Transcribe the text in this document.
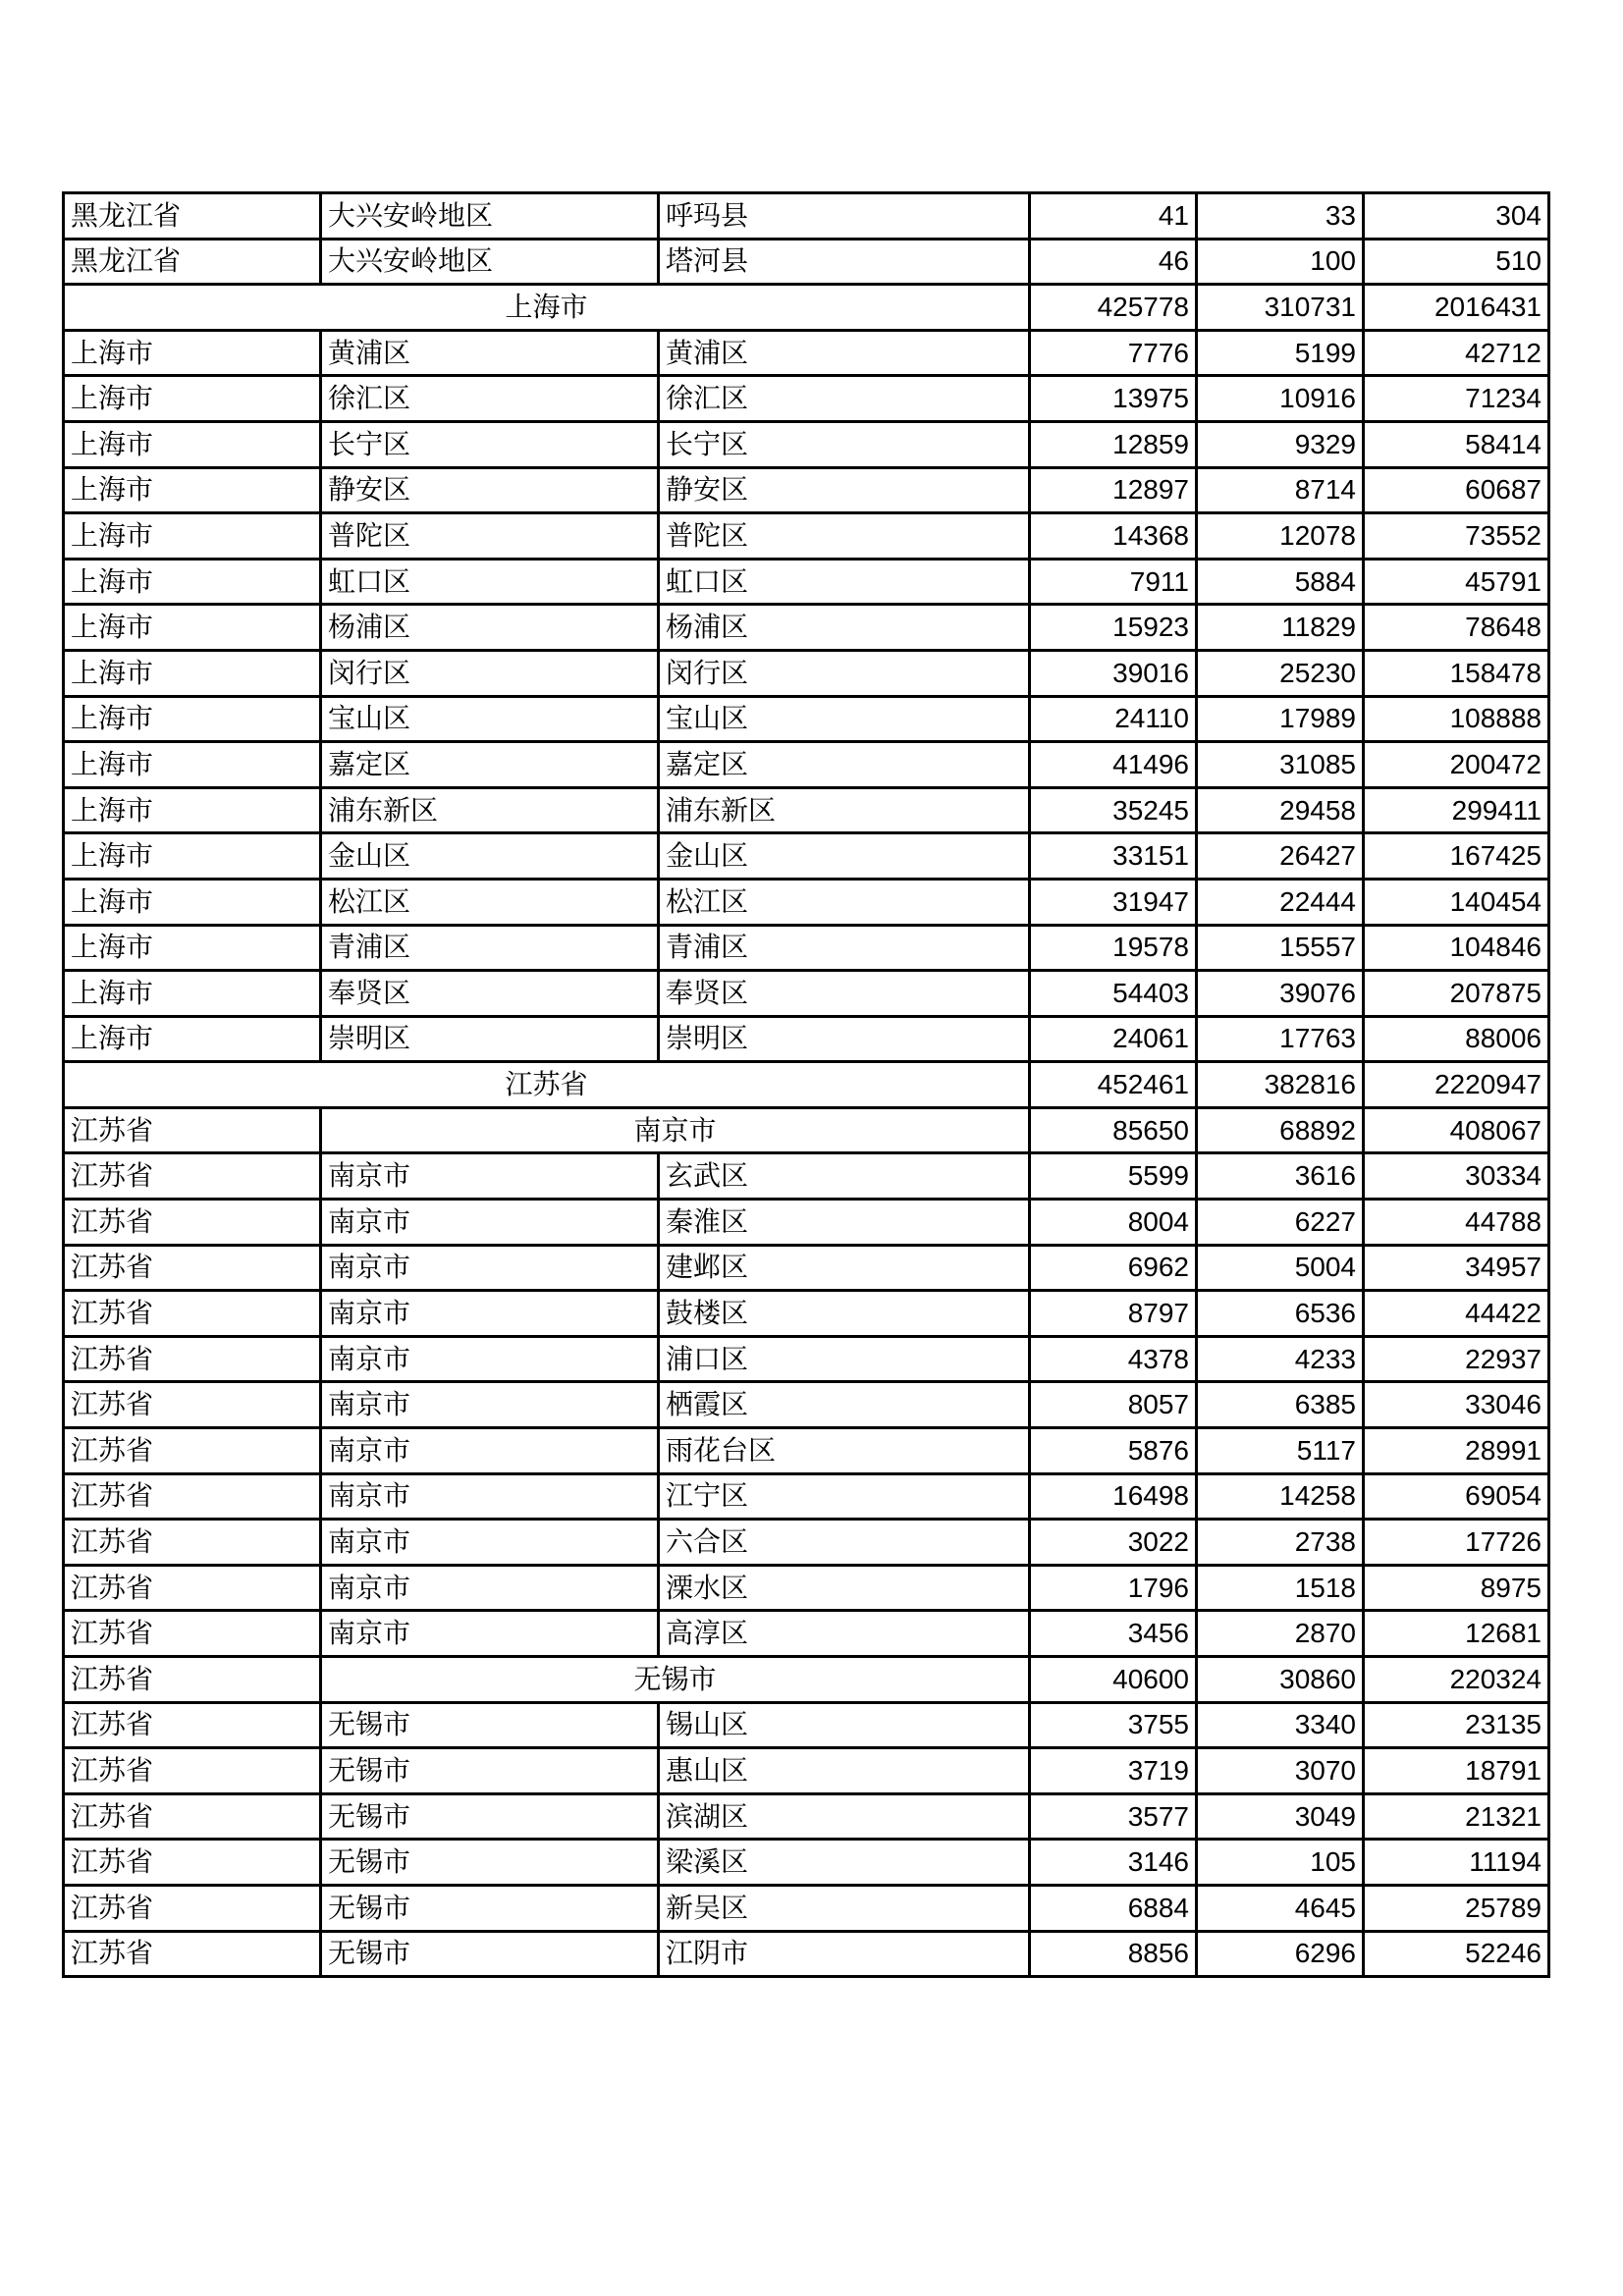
黑龙江省	大兴安岭地区	呼玛县	41	33	304
黑龙江省	大兴安岭地区	塔河县	46	100	510
上海市			425778	310731	2016431
上海市	黄浦区	黄浦区	7776	5199	42712
上海市	徐汇区	徐汇区	13975	10916	71234
上海市	长宁区	长宁区	12859	9329	58414
上海市	静安区	静安区	12897	8714	60687
上海市	普陀区	普陀区	14368	12078	73552
上海市	虹口区	虹口区	7911	5884	45791
上海市	杨浦区	杨浦区	15923	11829	78648
上海市	闵行区	闵行区	39016	25230	158478
上海市	宝山区	宝山区	24110	17989	108888
上海市	嘉定区	嘉定区	41496	31085	200472
上海市	浦东新区	浦东新区	35245	29458	299411
上海市	金山区	金山区	33151	26427	167425
上海市	松江区	松江区	31947	22444	140454
上海市	青浦区	青浦区	19578	15557	104846
上海市	奉贤区	奉贤区	54403	39076	207875
上海市	崇明区	崇明区	24061	17763	88006
江苏省			452461	382816	2220947
江苏省	南京市		85650	68892	408067
江苏省	南京市	玄武区	5599	3616	30334
江苏省	南京市	秦淮区	8004	6227	44788
江苏省	南京市	建邺区	6962	5004	34957
江苏省	南京市	鼓楼区	8797	6536	44422
江苏省	南京市	浦口区	4378	4233	22937
江苏省	南京市	栖霞区	8057	6385	33046
江苏省	南京市	雨花台区	5876	5117	28991
江苏省	南京市	江宁区	16498	14258	69054
江苏省	南京市	六合区	3022	2738	17726
江苏省	南京市	溧水区	1796	1518	8975
江苏省	南京市	高淳区	3456	2870	12681
江苏省	无锡市		40600	30860	220324
江苏省	无锡市	锡山区	3755	3340	23135
江苏省	无锡市	惠山区	3719	3070	18791
江苏省	无锡市	滨湖区	3577	3049	21321
江苏省	无锡市	梁溪区	3146	105	11194
江苏省	无锡市	新吴区	6884	4645	25789
江苏省	无锡市	江阴市	8856	6296	52246
